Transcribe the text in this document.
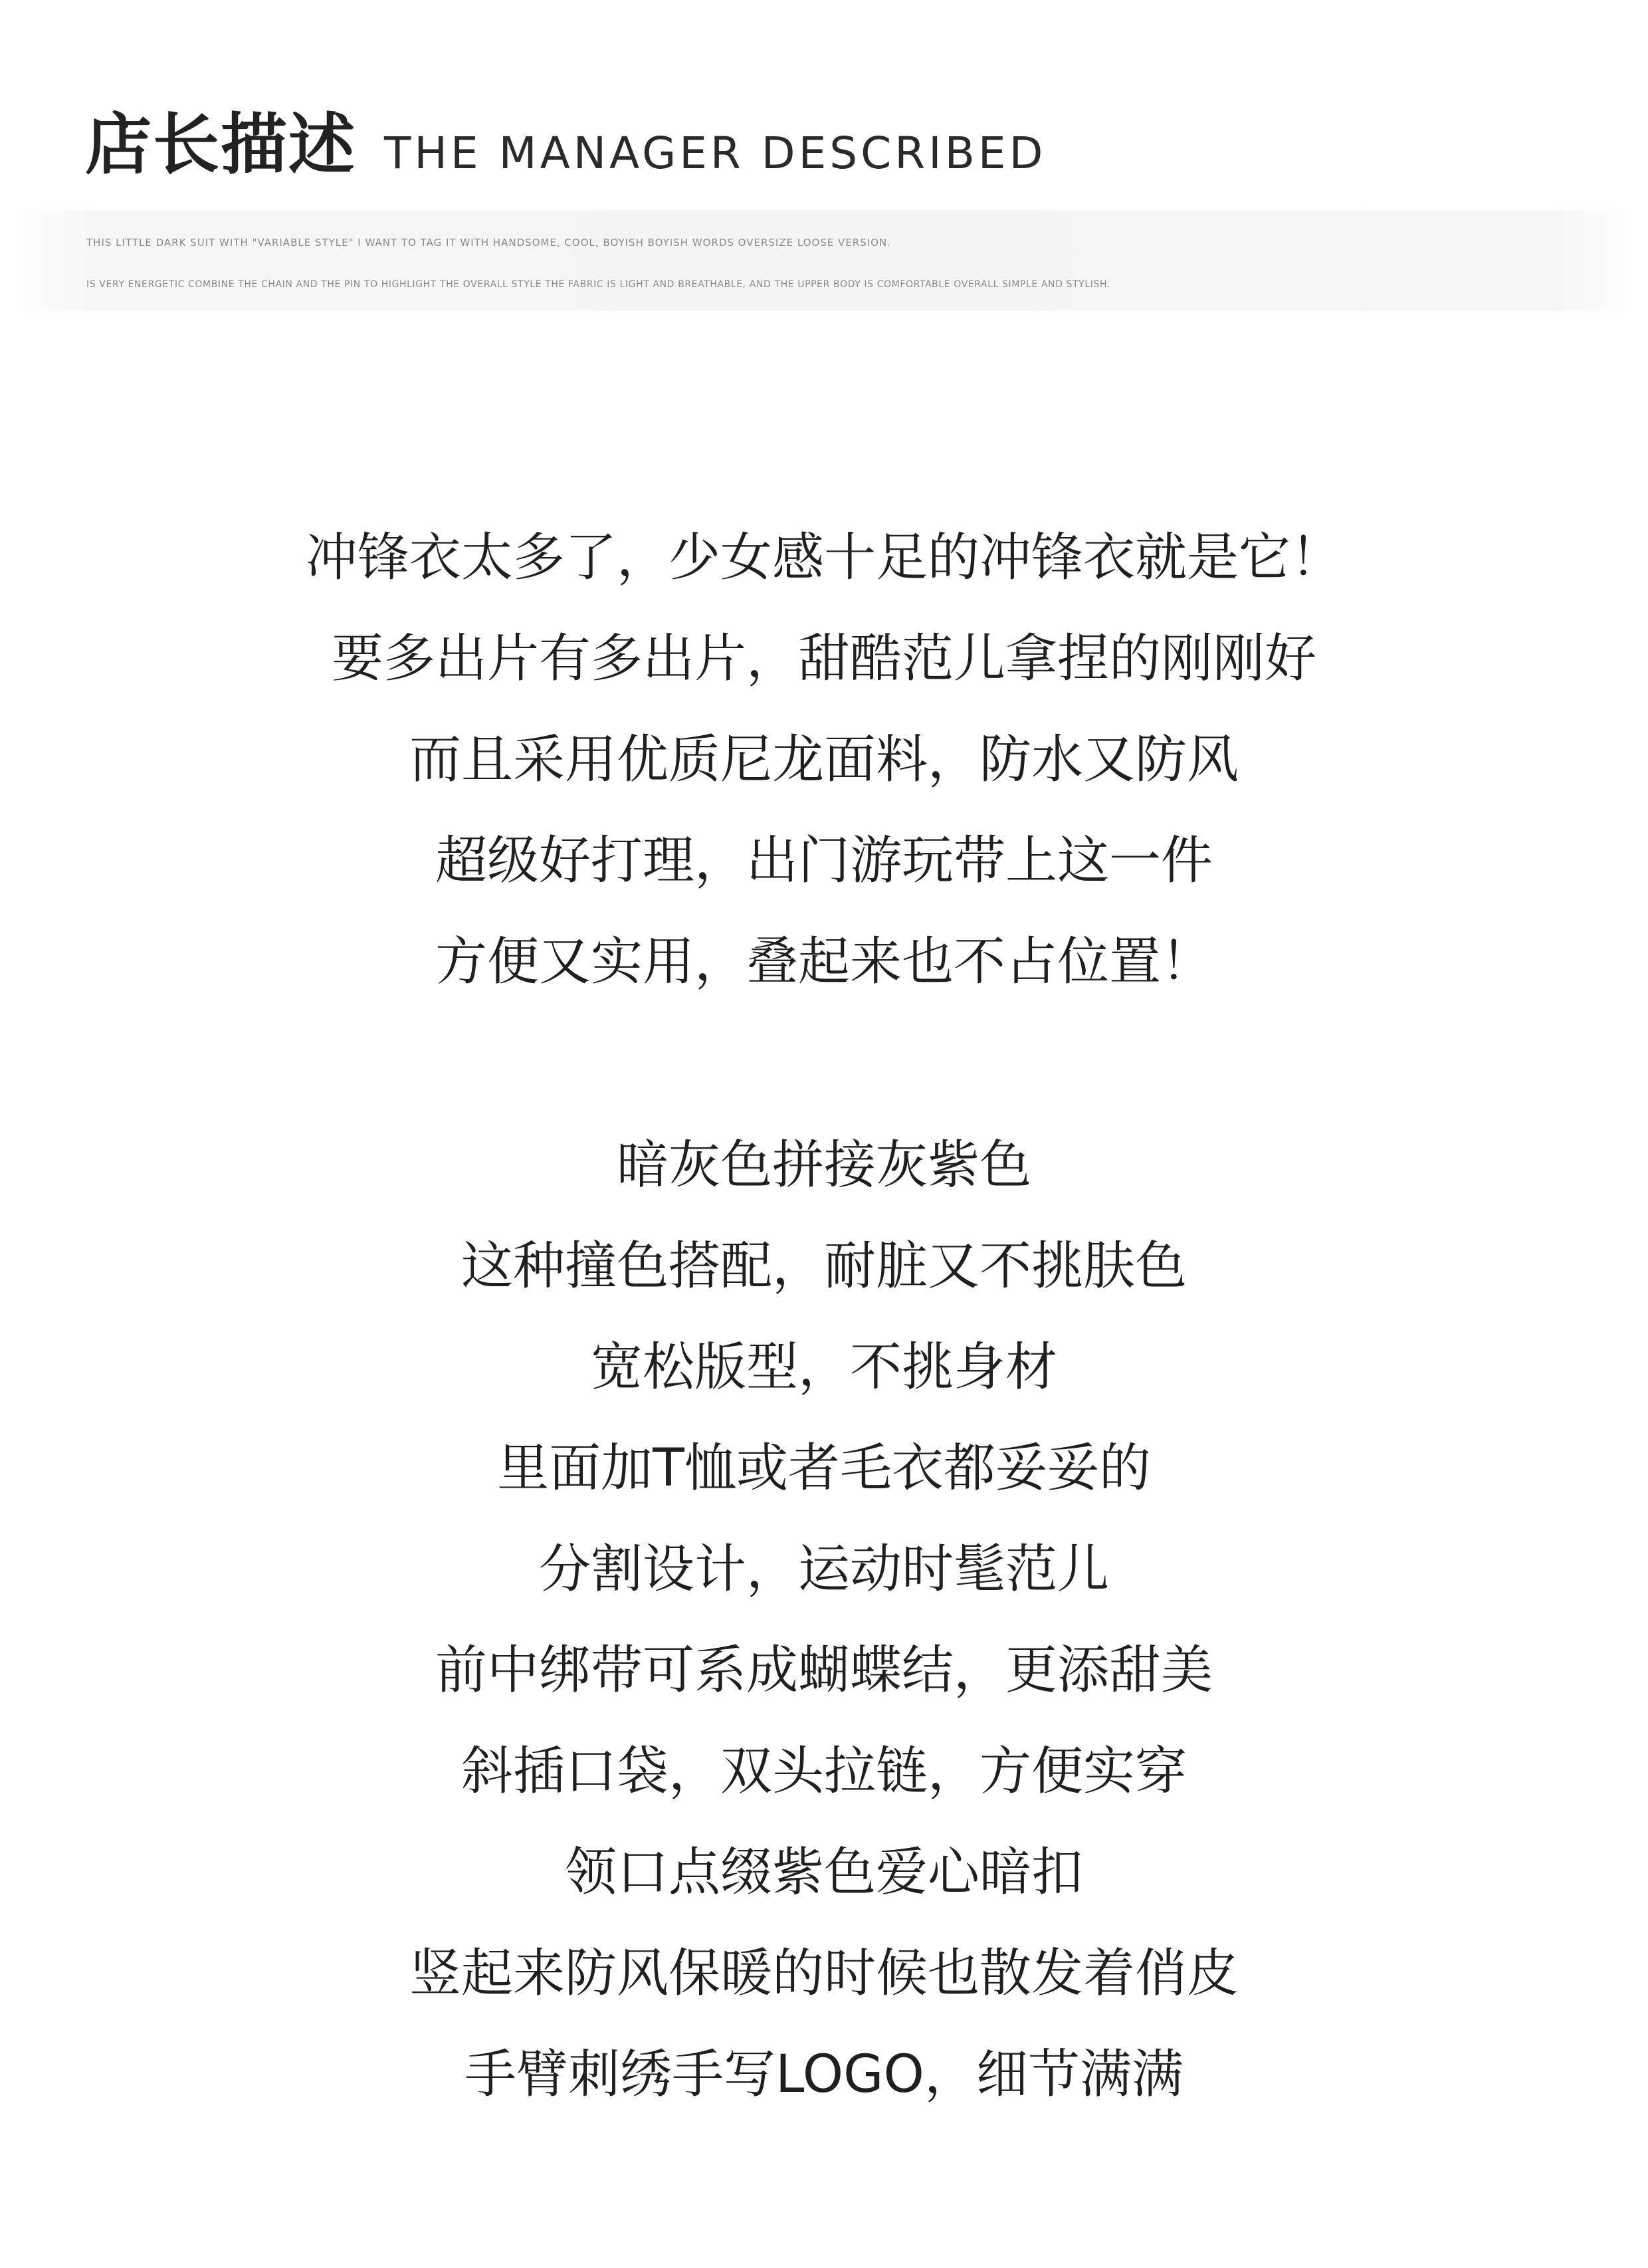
店长描述 THE MANAGER DESCRIBED
THIS LITTLE DARK SUIT WITH "VARIABLE STYLE" I WANT TO TAG IT WITH HANDSOME, COOL, BOYISH BOYISH WORDS OVERSIZE LOOSE VERSION.
IS VERY ENERGETIC COMBINE THE CHAIN AND THE PIN TO HIGHLIGHT THE OVERALL STYLE THE FABRIC IS LIGHT AND BREATHABLE, AND THE UPPER BODY IS COMFORTABLE OVERALL SIMPLE AND STYLISH.
冲锋衣太多了，少女感十足的冲锋衣就是它！
要多出片有多出片，甜酷范儿拿捏的刚刚好
而且采用优质尼龙面料，防水又防风
超级好打理，出门游玩带上这一件
方便又实用，叠起来也不占位置！
暗灰色拼接灰紫色
这种撞色搭配，耐脏又不挑肤色
宽松版型，不挑身材
里面加T恤或者毛衣都妥妥的
分割设计，运动时髦范儿
前中绑带可系成蝴蝶结，更添甜美
斜插口袋，双头拉链，方便实穿
领口点缀紫色爱心暗扣
竖起来防风保暖的时候也散发着俏皮
手臂刺绣手写LOGO，细节满满
